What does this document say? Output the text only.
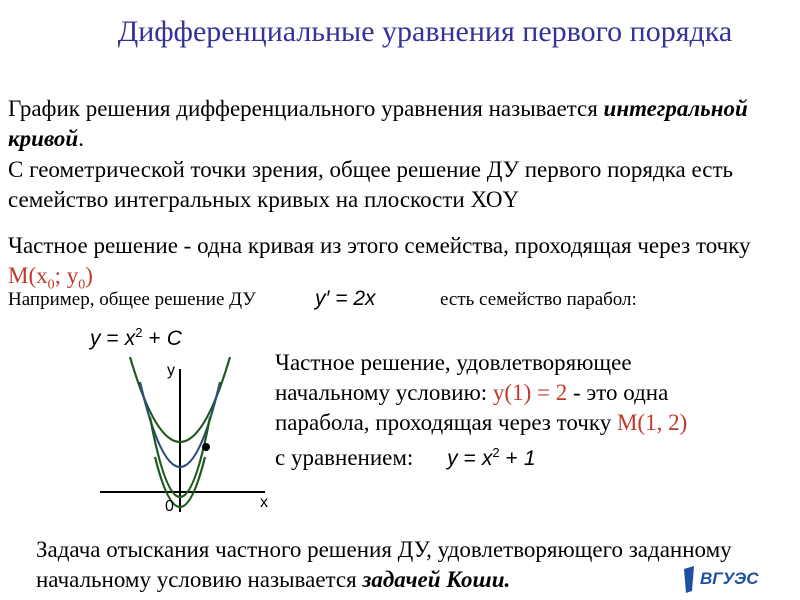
Дифференциальные уравнения первого порядка
График решения дифференциального уравнения называется интегральной кривой.
С геометрической точки зрения, общее решение ДУ первого порядка есть семейство интегральных кривых на плоскости ХОY
Частное решение - одна кривая из этого семейства, проходящая через точку $M(x_0$; $y_0$)
Например, общее решение ДУ	y′ = 2x	есть семейство парабол:
$y = x^2 + C$
y
x
0
Частное решение, удовлетворяющее
начальному условию: y(1) = 2 - это одна
парабола, проходящая через точку M(1, 2)
с уравнением: $y = x^2 + 1$
Задача отыскания частного решения ДУ, удовлетворяющего заданному начальному условию называется задачей Коши.	ВГУЭС
